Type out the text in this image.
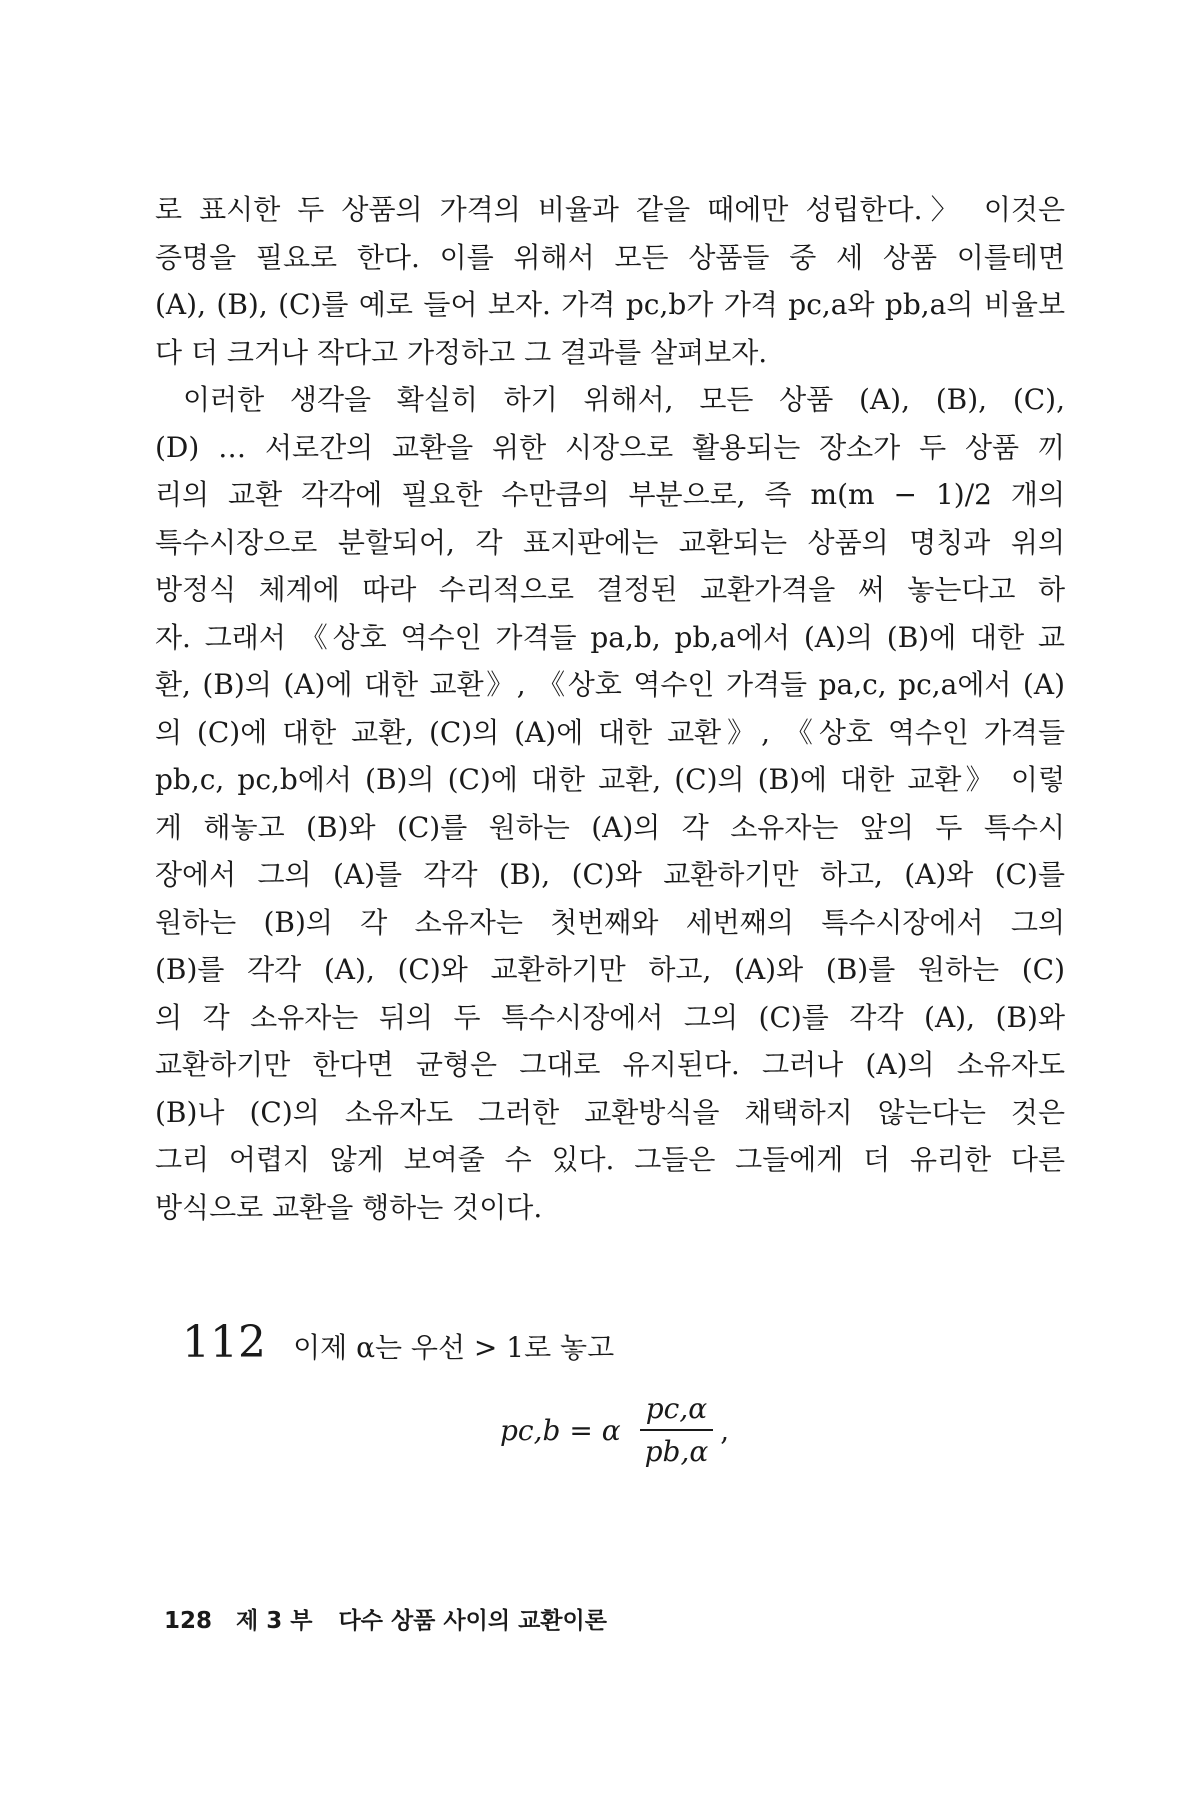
로 표시한 두 상품의 가격의 비율과 같을 때에만 성립한다.〉 이것은
증명을 필요로 한다. 이를 위해서 모든 상품들 중 세 상품 이를테면
(A), (B), (C)를 예로 들어 보자. 가격 pc,b가 가격 pc,a와 pb,a의 비율보
다 더 크거나 작다고 가정하고 그 결과를 살펴보자.
이러한 생각을 확실히 하기 위해서, 모든 상품 (A), (B), (C),
(D) … 서로간의 교환을 위한 시장으로 활용되는 장소가 두 상품 끼
리의 교환 각각에 필요한 수만큼의 부분으로, 즉 m(m − 1)/2 개의
특수시장으로 분할되어, 각 표지판에는 교환되는 상품의 명칭과 위의
방정식 체계에 따라 수리적으로 결정된 교환가격을 써 놓는다고 하
자. 그래서 《상호 역수인 가격들 pa,b, pb,a에서 (A)의 (B)에 대한 교
환, (B)의 (A)에 대한 교환》, 《상호 역수인 가격들 pa,c, pc,a에서 (A)
의 (C)에 대한 교환, (C)의 (A)에 대한 교환》, 《상호 역수인 가격들
pb,c, pc,b에서 (B)의 (C)에 대한 교환, (C)의 (B)에 대한 교환》 이렇
게 해놓고 (B)와 (C)를 원하는 (A)의 각 소유자는 앞의 두 특수시
장에서 그의 (A)를 각각 (B), (C)와 교환하기만 하고, (A)와 (C)를
원하는 (B)의 각 소유자는 첫번째와 세번째의 특수시장에서 그의
(B)를 각각 (A), (C)와 교환하기만 하고, (A)와 (B)를 원하는 (C)
의 각 소유자는 뒤의 두 특수시장에서 그의 (C)를 각각 (A), (B)와
교환하기만 한다면 균형은 그대로 유지된다. 그러나 (A)의 소유자도
(B)나 (C)의 소유자도 그러한 교환방식을 채택하지 않는다는 것은
그리 어렵지 않게 보여줄 수 있다. 그들은 그들에게 더 유리한 다른
방식으로 교환을 행하는 것이다.
112 이제 α는 우선 > 1로 놓고
pc,b = α $\frac{pc,\alpha}{pb,\alpha}$ ,
128 제 3 부 다수 상품 사이의 교환이론
